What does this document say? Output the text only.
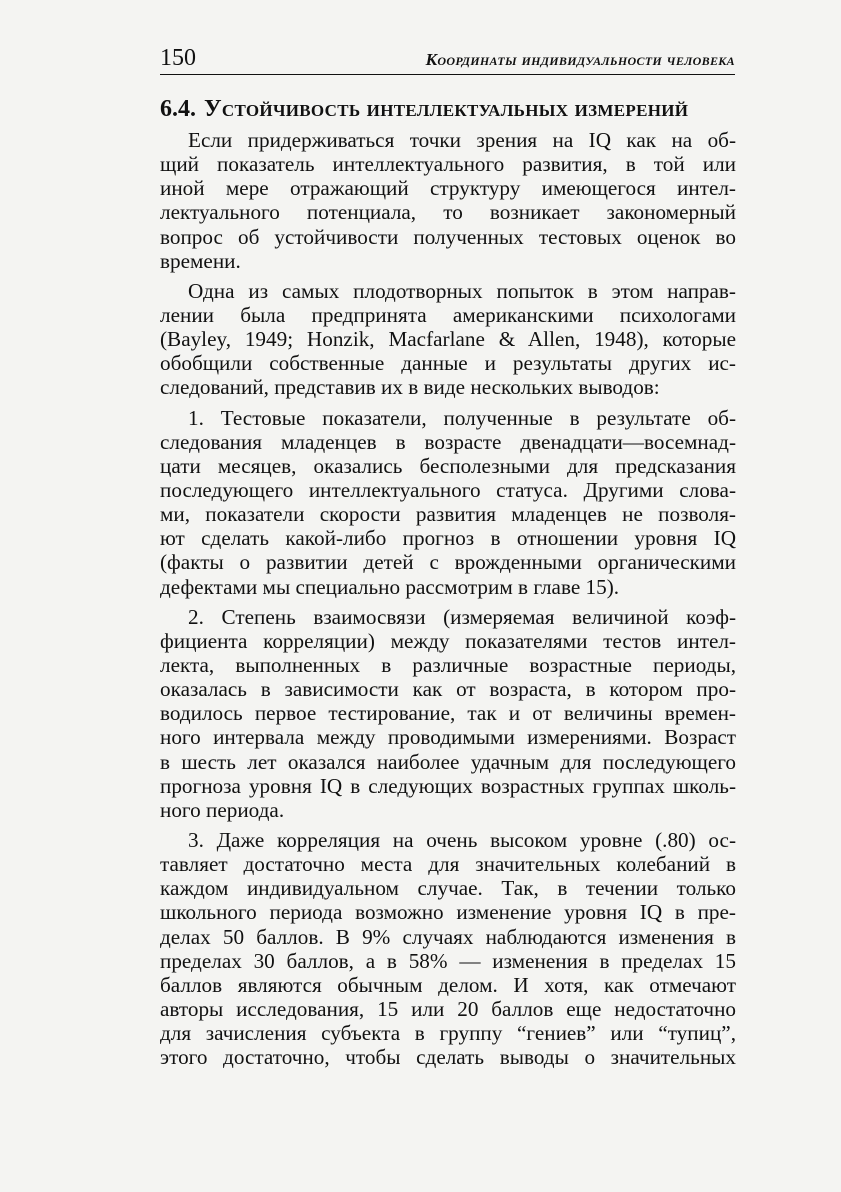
150	Координаты индивидуальности человека
6.4. Устойчивость интеллектуальных измерений
Если придерживаться точки зрения на IQ как на об-
щий показатель интеллектуального развития, в той или
иной мере отражающий структуру имеющегося интел-
лектуального потенциала, то возникает закономерный
вопрос об устойчивости полученных тестовых оценок во
времени.
Одна из самых плодотворных попыток в этом направ-
лении была предпринята американскими психологами
(Bayley, 1949; Honzik, Macfarlane & Allen, 1948), которые
обобщили собственные данные и результаты других ис-
следований, представив их в виде нескольких выводов:
1. Тестовые показатели, полученные в результате об-
следования младенцев в возрасте двенадцати—восемнад-
цати месяцев, оказались бесполезными для предсказания
последующего интеллектуального статуса. Другими слова-
ми, показатели скорости развития младенцев не позволя-
ют сделать какой-либо прогноз в отношении уровня IQ
(факты о развитии детей с врожденными органическими
дефектами мы специально рассмотрим в главе 15).
2. Степень взаимосвязи (измеряемая величиной коэф-
фициента корреляции) между показателями тестов интел-
лекта, выполненных в различные возрастные периоды,
оказалась в зависимости как от возраста, в котором про-
водилось первое тестирование, так и от величины времен-
ного интервала между проводимыми измерениями. Возраст
в шесть лет оказался наиболее удачным для последующего
прогноза уровня IQ в следующих возрастных группах школь-
ного периода.
3. Даже корреляция на очень высоком уровне (.80) ос-
тавляет достаточно места для значительных колебаний в
каждом индивидуальном случае. Так, в течении только
школьного периода возможно изменение уровня IQ в пре-
делах 50 баллов. В 9% случаях наблюдаются изменения в
пределах 30 баллов, а в 58% — изменения в пределах 15
баллов являются обычным делом. И хотя, как отмечают
авторы исследования, 15 или 20 баллов еще недостаточно
для зачисления субъекта в группу “гениев” или “тупиц”,
этого достаточно, чтобы сделать выводы о значительных
